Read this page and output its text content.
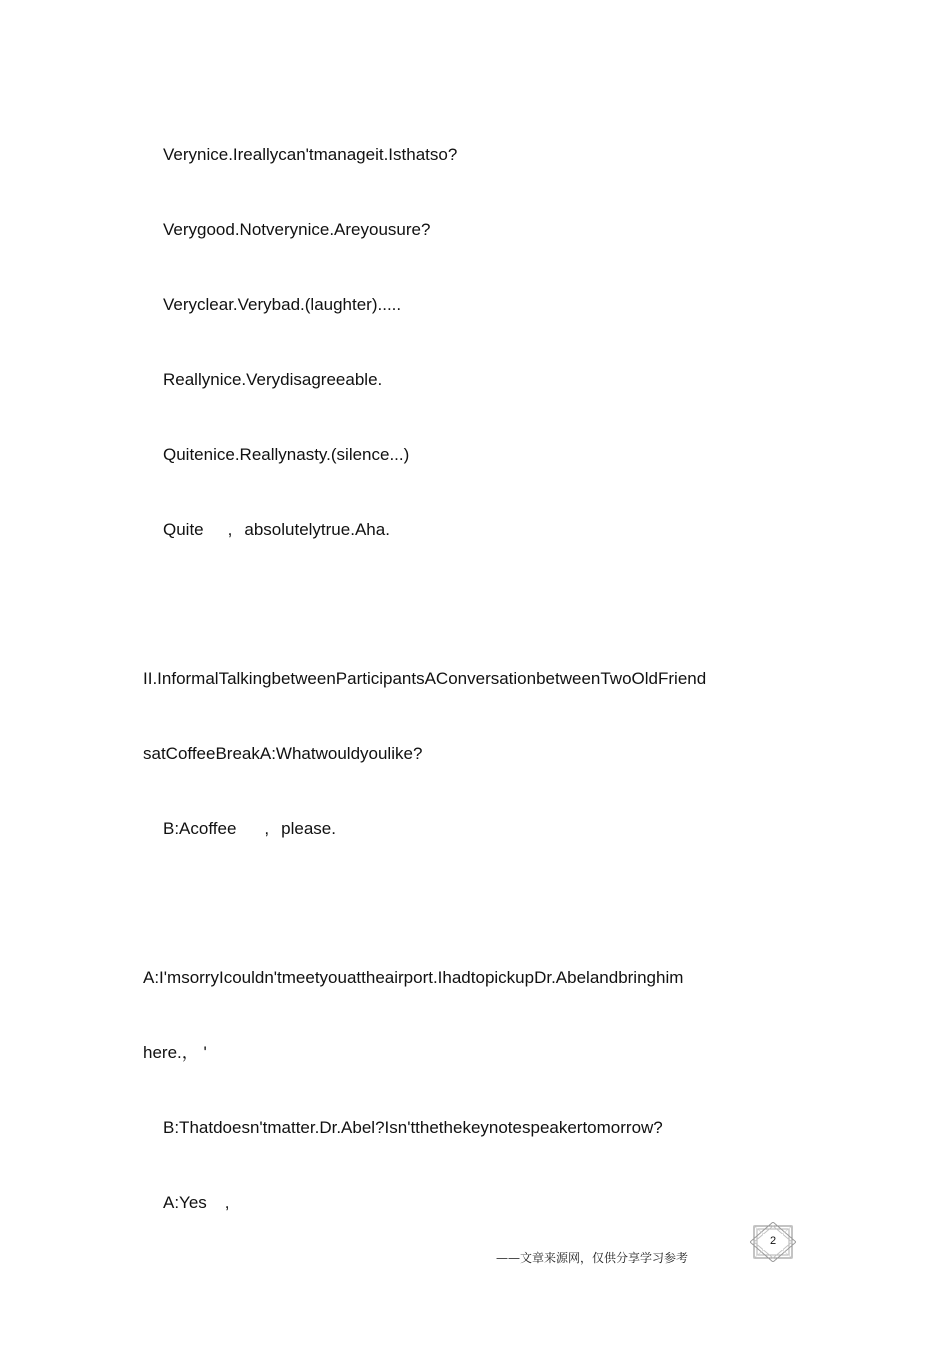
Verynice.Ireallycan'tmanageit.Isthatso?
Verygood.Notverynice.Areyousure?
Veryclear.Verybad.(laughter).....
Reallynice.Verydisagreeable.
Quitenice.Reallynasty.(silence...)
Quite , absolutelytrue.Aha.
II.InformalTalkingbetweenParticipantsAConversationbetweenTwoOldFriend
satCoffeeBreakA:Whatwouldyoulike?
B:Acoffee , please.
A:I'msorryIcouldn'tmeetyouattheairport.IhadtopickupDr.Abelandbringhim
here.， '
B:Thatdoesn'tmatter.Dr.Abel?Isn'tthethekeynotespeakertomorrow?
A:Yes ,
2
——文章来源网，仅供分享学习参考
